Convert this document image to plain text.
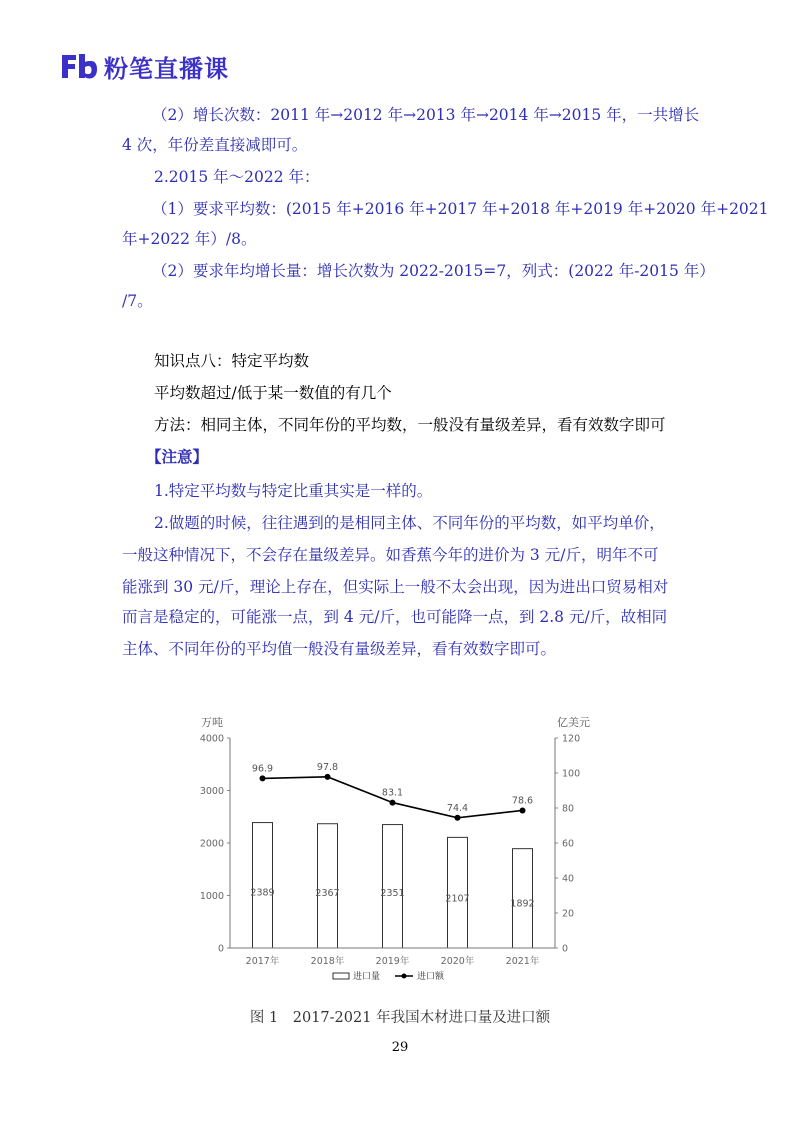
粉笔直播课
（2）增长次数：2011 年→2012 年→2013 年→2014 年→2015 年，一共增长
4 次，年份差直接减即可。
2.2015 年～2022 年：
（1）要求平均数：(2015 年+2016 年+2017 年+2018 年+2019 年+2020 年+2021
年+2022 年）/8。
（2）要求年均增长量：增长次数为 2022-2015=7，列式：(2022 年-2015 年）
/7。
知识点八：特定平均数
平均数超过/低于某一数值的有几个
方法：相同主体，不同年份的平均数，一般没有量级差异，看有效数字即可
【注意】
1.特定平均数与特定比重其实是一样的。
2.做题的时候，往往遇到的是相同主体、不同年份的平均数，如平均单价，
一般这种情况下，不会存在量级差异。如香蕉今年的进价为 3 元/斤，明年不可
能涨到 30 元/斤，理论上存在，但实际上一般不太会出现，因为进出口贸易相对
而言是稳定的，可能涨一点，到 4 元/斤，也可能降一点，到 2.8 元/斤，故相同
主体、不同年份的平均值一般没有量级差异，看有效数字即可。
万吨	亿美元
2389	2367	2351	2107	1892
96.9	97.8
83.1
74.4
78.6
0
1000
2000
3000
4000
0
20
40
60
80
100
120
2017年	2018年	2019年	2020年	2021年
进口量	进口额
图 1　2017-2021 年我国木材进口量及进口额
29
